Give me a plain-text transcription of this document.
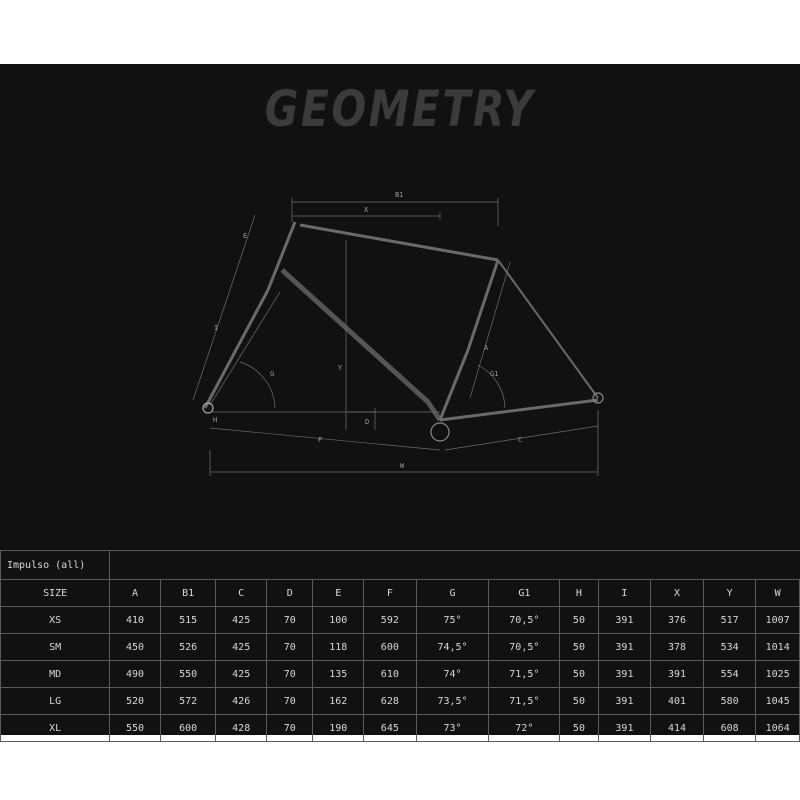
GEOMETRY
B1
X
E
I
G
Y
D
H
F
W
C
A
G1
Impulso (all)													
SIZE	A	B1	C	D	E	F	G	G1	H	I	X	Y	W
XS	410	515	425	70	100	592	75°	70,5°	50	391	376	517	1007
SM	450	526	425	70	118	600	74,5°	70,5°	50	391	378	534	1014
MD	490	550	425	70	135	610	74°	71,5°	50	391	391	554	1025
LG	520	572	426	70	162	628	73,5°	71,5°	50	391	401	580	1045
XL	550	600	428	70	190	645	73°	72°	50	391	414	608	1064
